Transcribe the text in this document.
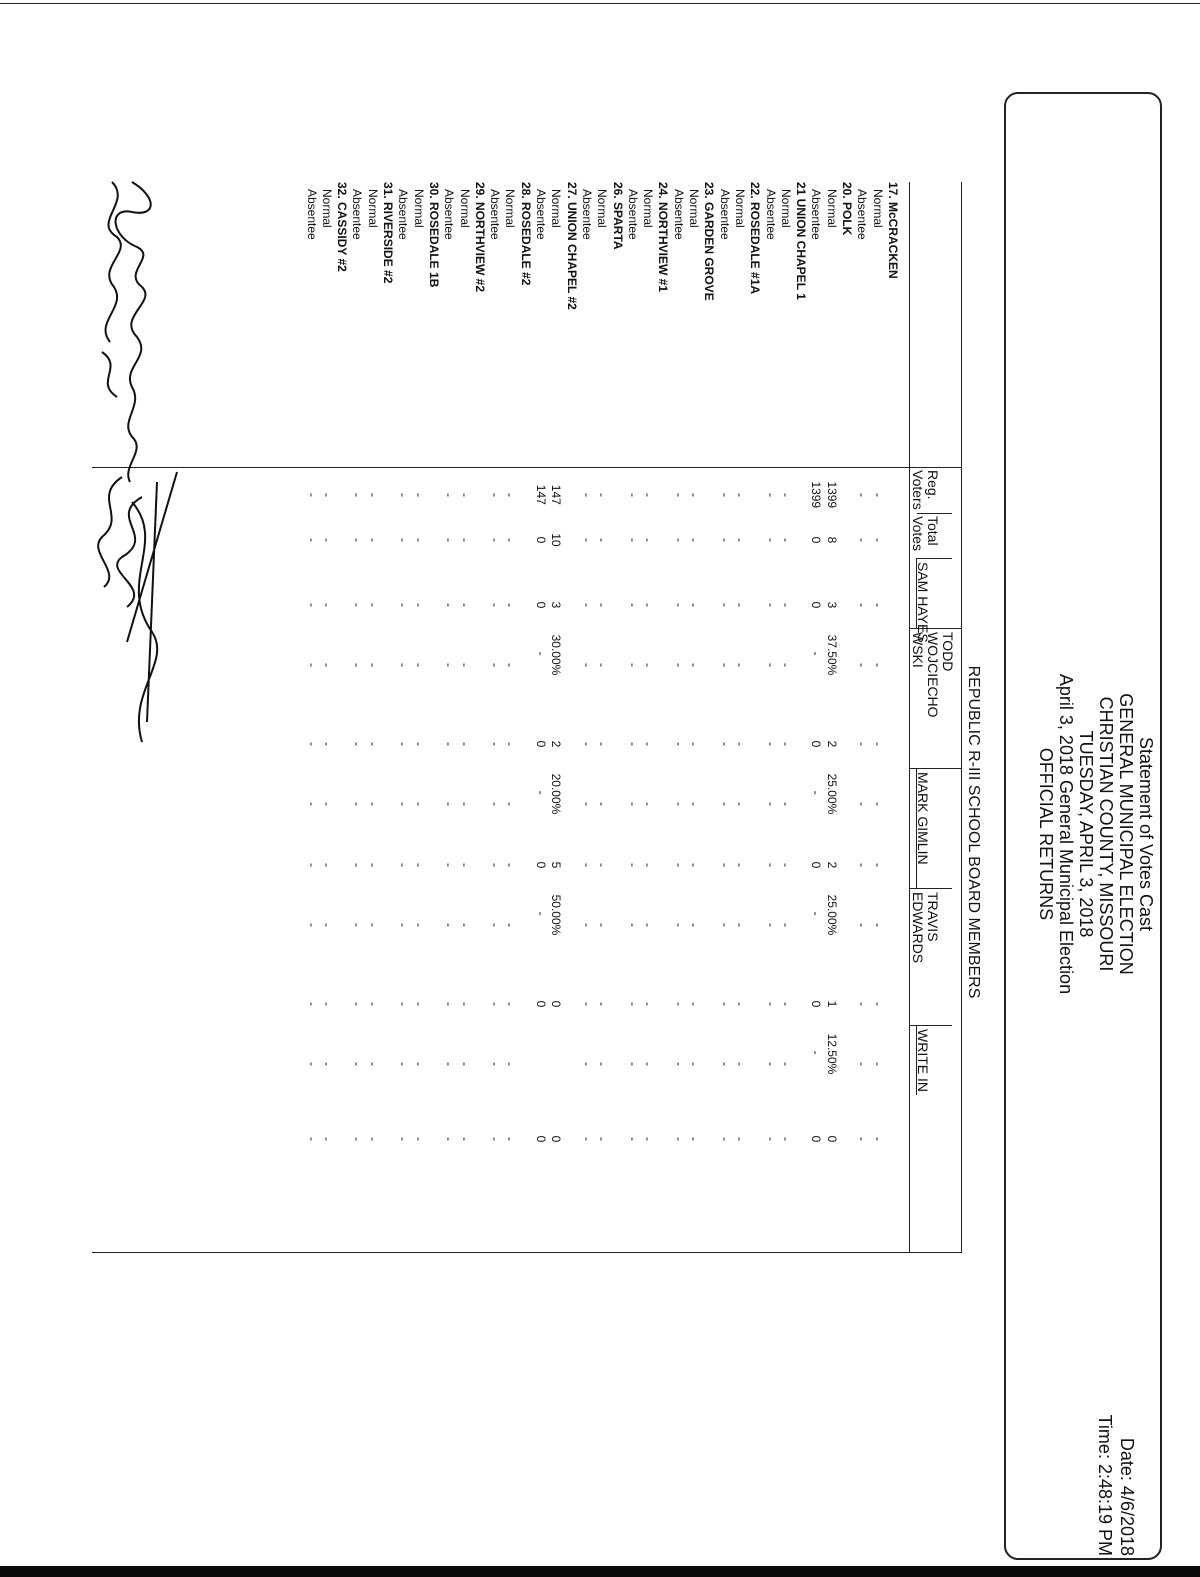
Statement of Votes Cast
GENERAL MUNICIPAL ELECTION
CHRISTIAN COUNTY, MISSOURI
TUESDAY, APRIL 3, 2018
April 3, 2018 General Municipal Election
OFFICIAL RETURNS
Date: 4/6/2018
Time: 2:48:19 PM
REPUBLIC R-III SCHOOL BOARD MEMBERS
Reg.
Voters
Total
Votes
SAM HAYES
TODD
WOJCIECHO
WSKI
MARK GIMLIN
TRAVIS
EDWARDS
WRITE IN
17. McCRACKEN
Normal
-
-
-
-
-
-
-
-
-
-
-
Absentee
-
-
-
-
-
-
-
-
-
-
-
20. POLK
Normal
1399
8
3
37.50%
2
25.00%
2
25.00%
1
12.50%
0
Absentee
1399
0
0
-
0
-
0
-
0
-
0
21 UNION CHAPEL 1
Normal
-
-
-
-
-
-
-
-
-
-
-
Absentee
-
-
-
-
-
-
-
-
-
-
-
22. ROSEDALE #1A
Normal
-
-
-
-
-
-
-
-
-
-
-
Absentee
-
-
-
-
-
-
-
-
-
-
-
23. GARDEN GROVE
Normal
-
-
-
-
-
-
-
-
-
-
-
Absentee
-
-
-
-
-
-
-
-
-
-
-
24. NORTHVIEW #1
Normal
-
-
-
-
-
-
-
-
-
-
-
Absentee
-
-
-
-
-
-
-
-
-
-
-
26. SPARTA
Normal
-
-
-
-
-
-
-
-
-
-
-
Absentee
-
-
-
-
-
-
-
-
-
-
-
27. UNION CHAPEL #2
Normal
147
10
3
30.00%
2
20.00%
5
50.00%
0
0
Absentee
147
0
0
-
0
-
0
-
0
0
28. ROSEDALE #2
Normal
-
-
-
-
-
-
-
-
-
-
-
Absentee
-
-
-
-
-
-
-
-
-
-
-
29. NORTHVIEW #2
Normal
-
-
-
-
-
-
-
-
-
-
-
Absentee
-
-
-
-
-
-
-
-
-
-
-
30. ROSEDALE 1B
Normal
-
-
-
-
-
-
-
-
-
-
-
Absentee
-
-
-
-
-
-
-
-
-
-
-
31. RIVERSIDE #2
Normal
-
-
-
-
-
-
-
-
-
-
-
Absentee
-
-
-
-
-
-
-
-
-
-
-
32. CASSIDY #2
Normal
-
-
-
-
-
-
-
-
-
-
-
Absentee
-
-
-
-
-
-
-
-
-
-
-
